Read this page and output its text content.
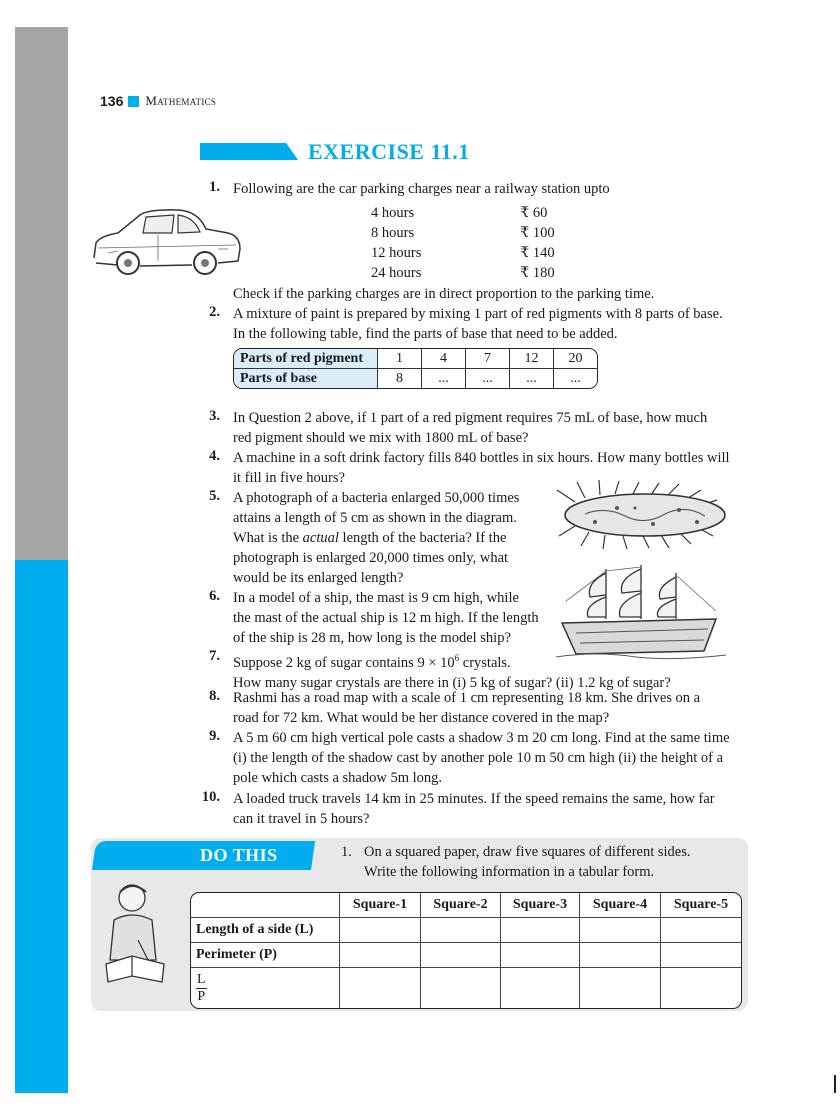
136 Mathematics
EXERCISE 11.1
1. Following are the car parking charges near a railway station upto
4 hours	₹ 60
8 hours	₹ 100
12 hours	₹ 140
24 hours	₹ 180
Check if the parking charges are in direct proportion to the parking time.
2. A mixture of paint is prepared by mixing 1 part of red pigments with 8 parts of base.
In the following table, find the parts of base that need to be added.
Parts of red pigment	1	4	7	12	20
Parts of base	8	...	...	...	...
3. In Question 2 above, if 1 part of a red pigment requires 75 mL of base, how much
red pigment should we mix with 1800 mL of base?
4. A machine in a soft drink factory fills 840 bottles in six hours. How many bottles will
it fill in five hours?
5. A photograph of a bacteria enlarged 50,000 times
attains a length of 5 cm as shown in the diagram.
What is the actual length of the bacteria? If the
photograph is enlarged 20,000 times only, what
would be its enlarged length?
6. In a model of a ship, the mast is 9 cm high, while
the mast of the actual ship is 12 m high. If the length
of the ship is 28 m, how long is the model ship?
7. Suppose 2 kg of sugar contains $9 \times 10^6$ crystals.
How many sugar crystals are there in (i) 5 kg of sugar? (ii) 1.2 kg of sugar?
8. Rashmi has a road map with a scale of 1 cm representing 18 km. She drives on a
road for 72 km. What would be her distance covered in the map?
9. A 5 m 60 cm high vertical pole casts a shadow 3 m 20 cm long. Find at the same time
(i) the length of the shadow cast by another pole 10 m 50 cm high (ii) the height of a
pole which casts a shadow 5m long.
10. A loaded truck travels 14 km in 25 minutes. If the speed remains the same, how far
can it travel in 5 hours?
DO THIS	1. On a squared paper, draw five squares of different sides.
Write the following information in a tabular form.
	Square-1	Square-2	Square-3	Square-4	Square-5
Length of a side (L)					
Perimeter (P)					

$\frac{L}{P}$
